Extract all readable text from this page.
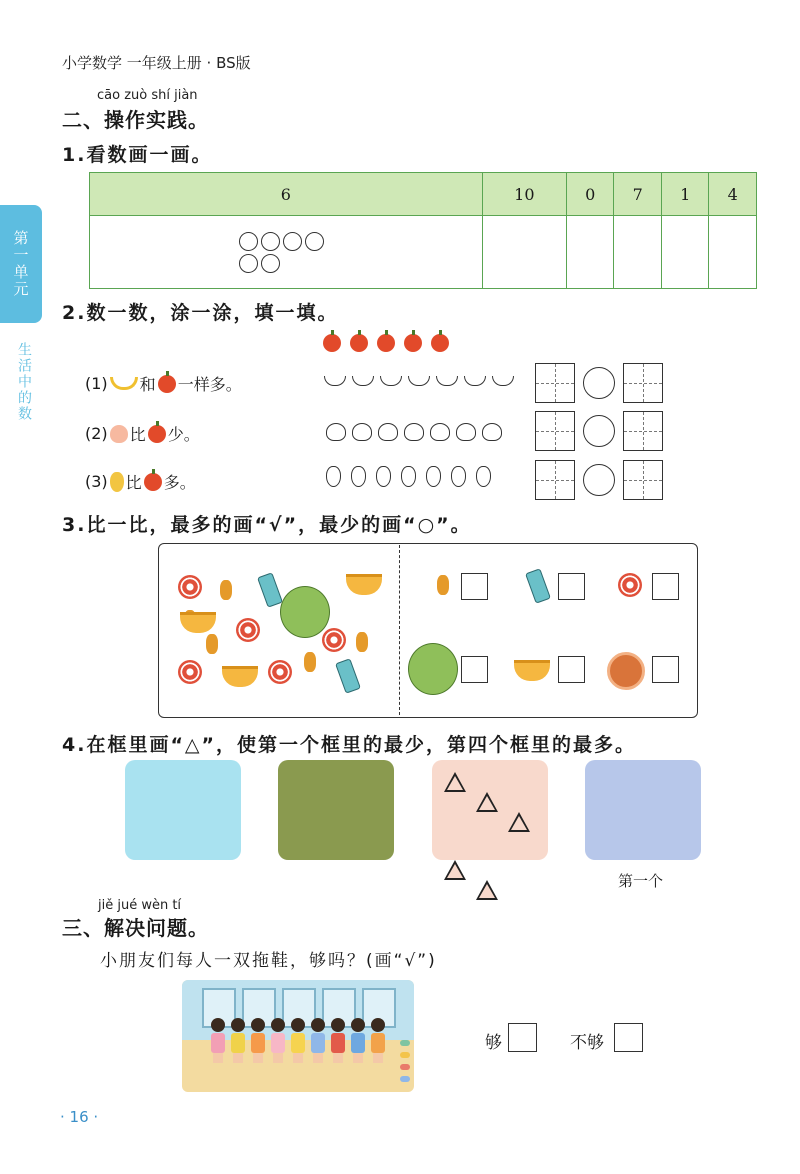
小学数学 一年级上册 · BS版
第一单元
生活中的数
cāo zuò shí jiàn
二、操作实践。
1.看数画一画。
6	10	0	7	1	4

2.数一数，涂一涂，填一填。
(1) 和 一样多。
(2) 比 少。
(3) 比 多。
3.比一比，最多的画“√”，最少的画“○”。
4.在框里画“△”，使第一个框里的最少，第四个框里的最多。
第一个
jiě jué wèn tí
三、解决问题。
小朋友们每人一双拖鞋，够吗？(画“√”)
够	不够
· 16 ·
